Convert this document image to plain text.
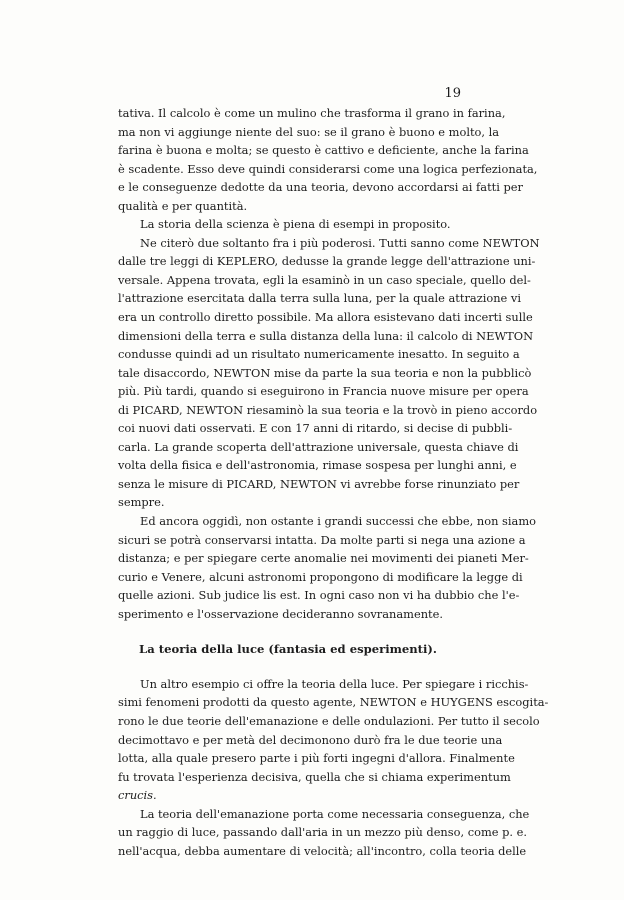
19
tativa. Il calcolo è come un mulino che trasforma il grano in farina,
ma non vi aggiunge niente del suo: se il grano è buono e molto, la
farina è buona e molta; se questo è cattivo e deficiente, anche la farina
è scadente. Esso deve quindi considerarsi come una logica perfezionata,
e le conseguenze dedotte da una teoria, devono accordarsi ai fatti per
qualità e per quantità.
La storia della scienza è piena di esempi in proposito.
Ne citerò due soltanto fra i più poderosi. Tutti sanno come NEWTON
dalle tre leggi di KEPLERO, dedusse la grande legge dell'attrazione uni-
versale. Appena trovata, egli la esaminò in un caso speciale, quello del-
l'attrazione esercitata dalla terra sulla luna, per la quale attrazione vi
era un controllo diretto possibile. Ma allora esistevano dati incerti sulle
dimensioni della terra e sulla distanza della luna: il calcolo di NEWTON
condusse quindi ad un risultato numericamente inesatto. In seguito a
tale disaccordo, NEWTON mise da parte la sua teoria e non la pubblicò
più. Più tardi, quando si eseguirono in Francia nuove misure per opera
di PICARD, NEWTON riesaminò la sua teoria e la trovò in pieno accordo
coi nuovi dati osservati. E con 17 anni di ritardo, si decise di pubbli-
carla. La grande scoperta dell'attrazione universale, questa chiave di
volta della fisica e dell'astronomia, rimase sospesa per lunghi anni, e
senza le misure di PICARD, NEWTON vi avrebbe forse rinunziato per
sempre.
Ed ancora oggidì, non ostante i grandi successi che ebbe, non siamo
sicuri se potrà conservarsi intatta. Da molte parti si nega una azione a
distanza; e per spiegare certe anomalie nei movimenti dei pianeti Mer-
curio e Venere, alcuni astronomi propongono di modificare la legge di
quelle azioni. Sub judice lis est. In ogni caso non vi ha dubbio che l'e-
sperimento e l'osservazione decideranno sovranamente.
La teoria della luce (fantasia ed esperimenti).
Un altro esempio ci offre la teoria della luce. Per spiegare i ricchis-
simi fenomeni prodotti da questo agente, NEWTON e HUYGENS escogita-
rono le due teorie dell'emanazione e delle ondulazioni. Per tutto il secolo
decimottavo e per metà del decimonono durò fra le due teorie una
lotta, alla quale presero parte i più forti ingegni d'allora. Finalmente
fu trovata l'esperienza decisiva, quella che si chiama experimentum
crucis.
La teoria dell'emanazione porta come necessaria conseguenza, che
un raggio di luce, passando dall'aria in un mezzo più denso, come p. e.
nell'acqua, debba aumentare di velocità; all'incontro, colla teoria delle
